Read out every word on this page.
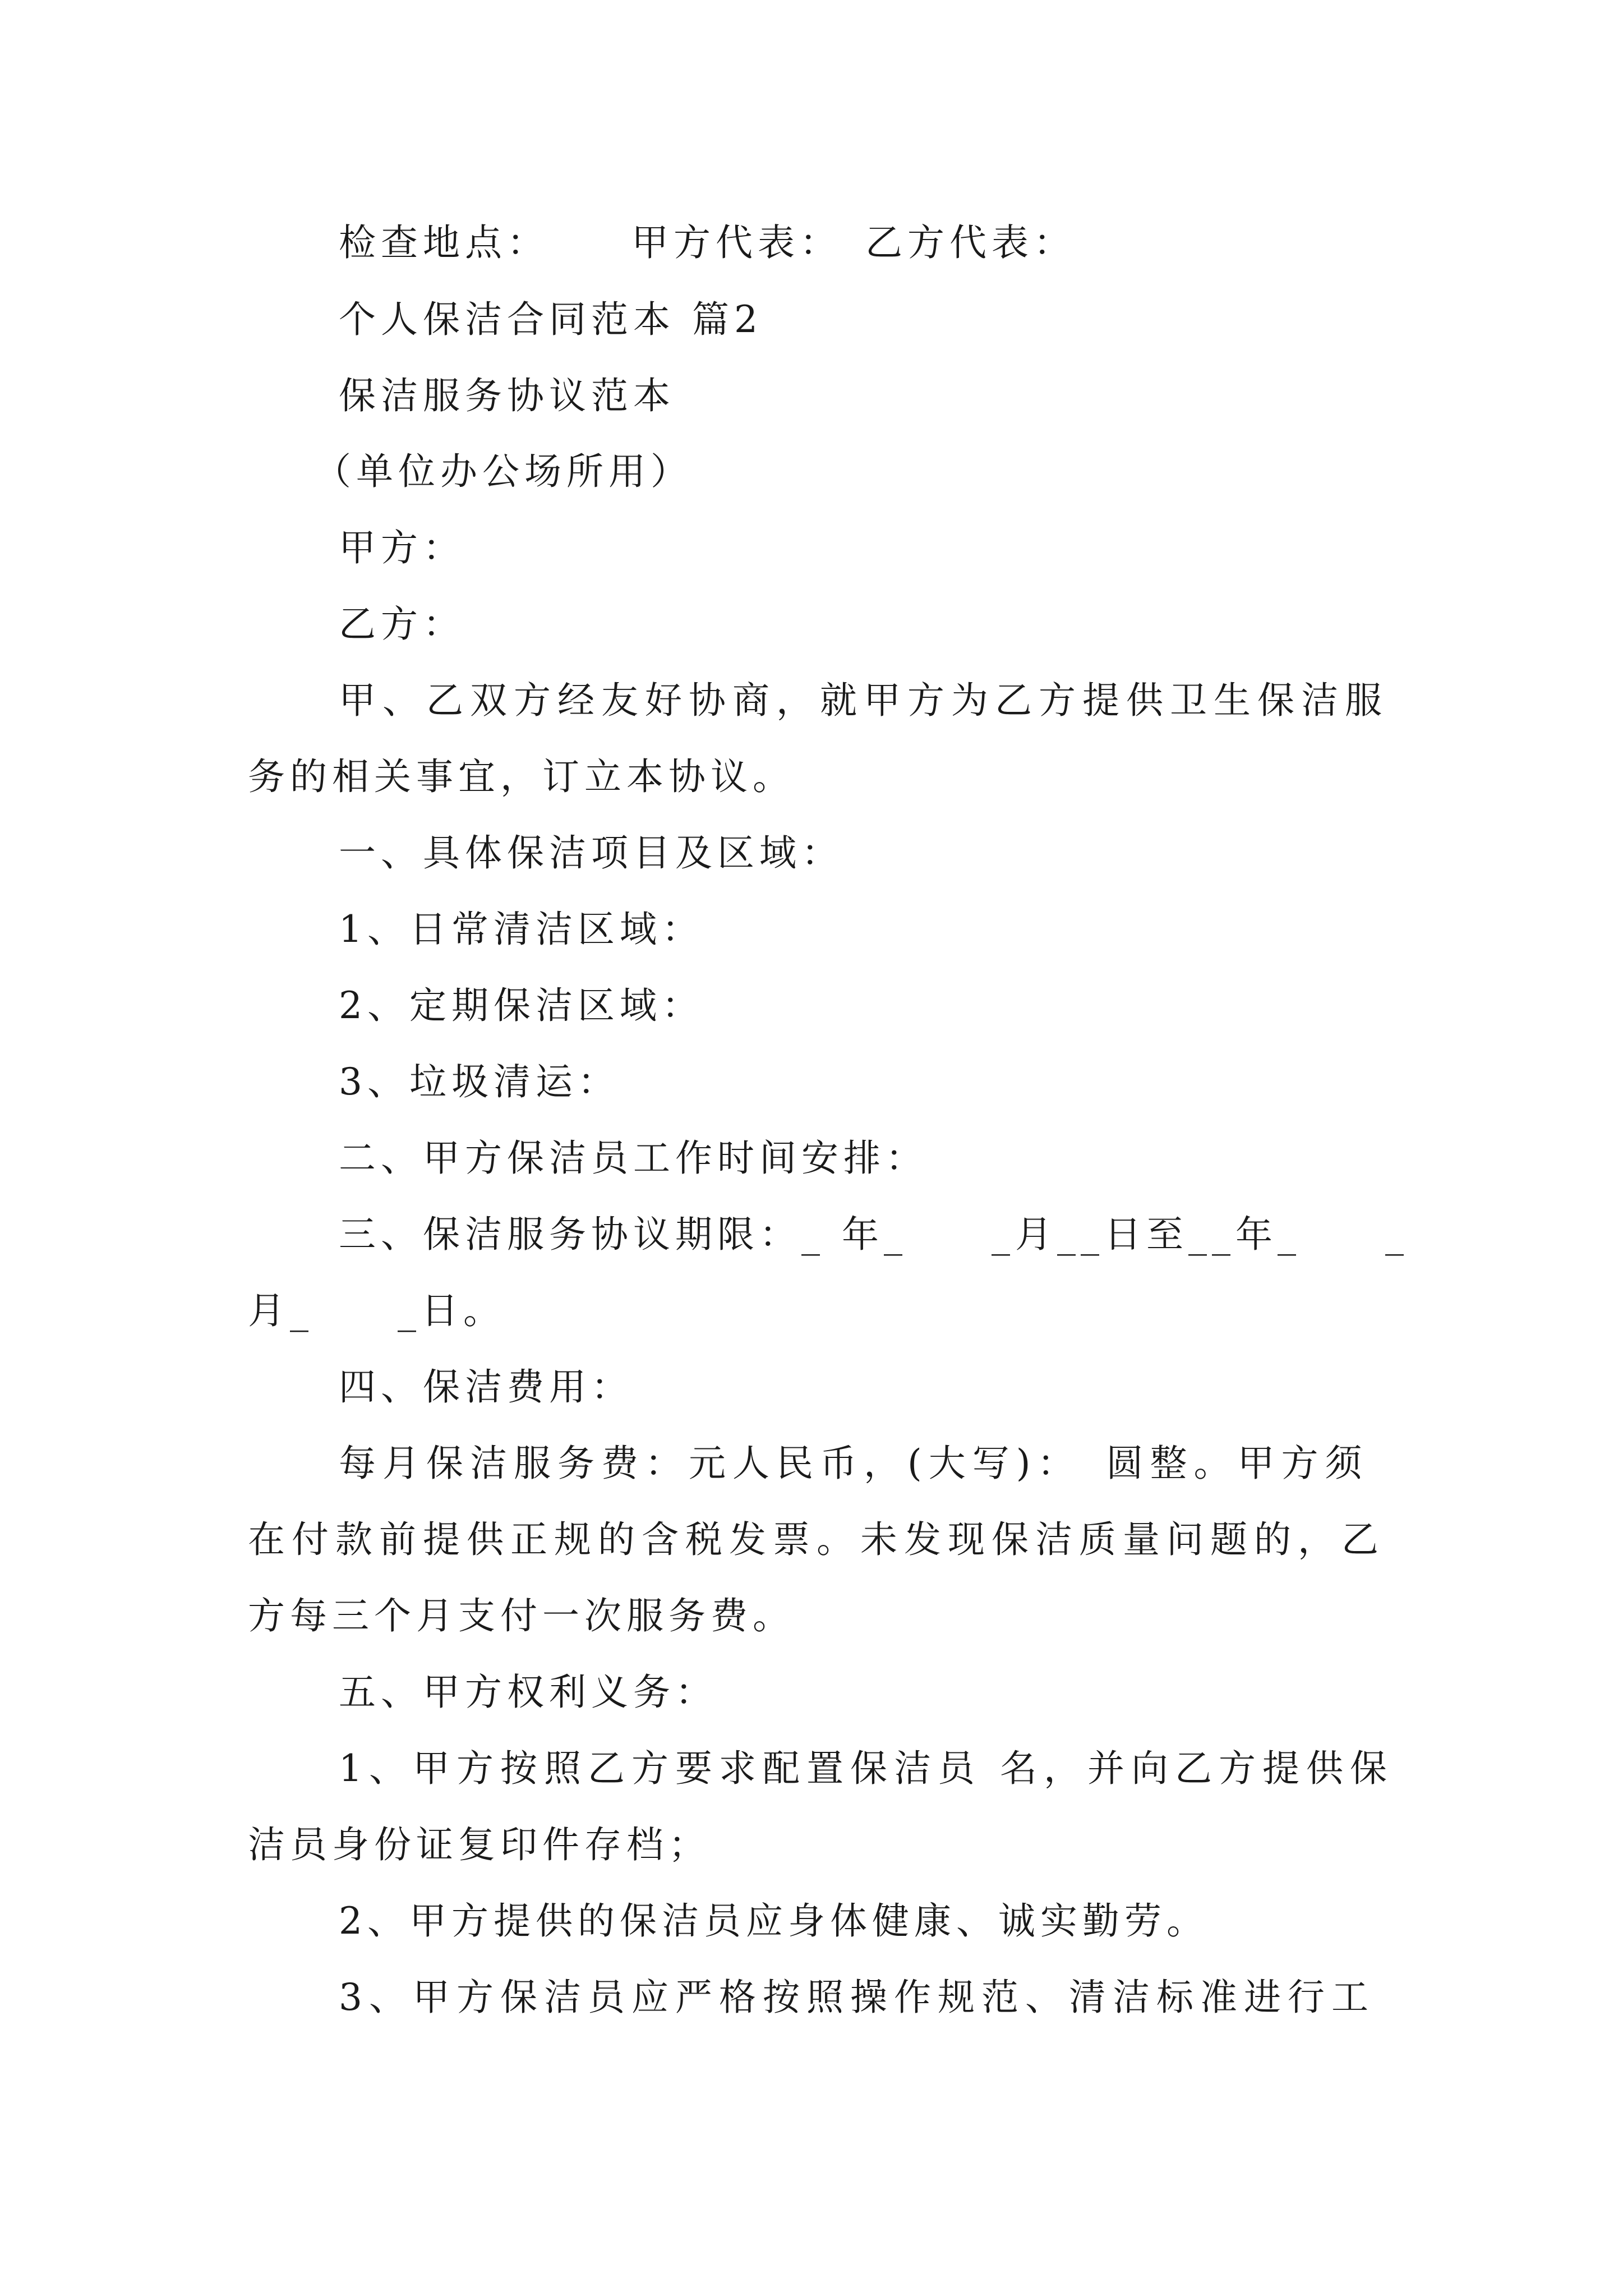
检查地点：　　 甲方代表：　乙方代表：
个人保洁合同范本 篇2
保洁服务协议范本
（单位办公场所用）
甲方：
乙方：
甲、乙双方经友好协商，就甲方为乙方提供卫生保洁服
务的相关事宜，订立本协议。
一、具体保洁项目及区域：
1、日常清洁区域：
2、定期保洁区域：
3、垃圾清运：
二、甲方保洁员工作时间安排：
三、保洁服务协议期限：_ 年_　　_月__日至__年_　　_
月_　　_日。
四、保洁费用：
每月保洁服务费：元人民币，(大写)：　圆整。甲方须
在付款前提供正规的含税发票。未发现保洁质量问题的，乙
方每三个月支付一次服务费。
五、甲方权利义务：
1、甲方按照乙方要求配置保洁员 名，并向乙方提供保
洁员身份证复印件存档；
2、甲方提供的保洁员应身体健康、诚实勤劳。
3、甲方保洁员应严格按照操作规范、清洁标准进行工
